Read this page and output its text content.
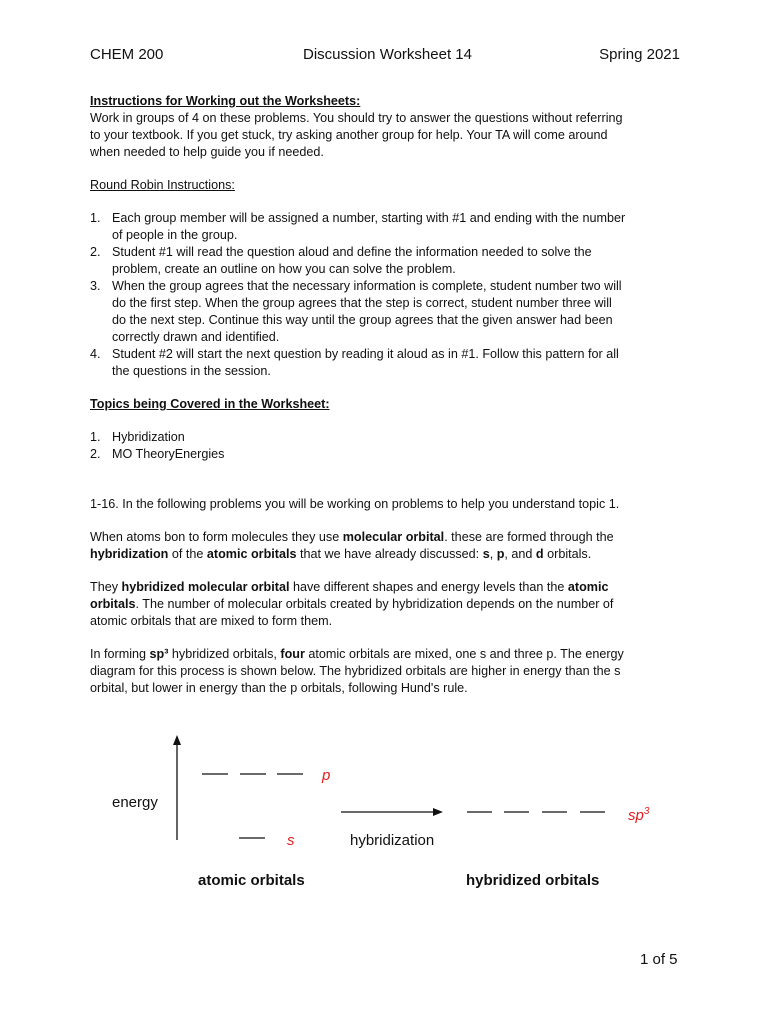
CHEM 200	Discussion Worksheet 14	Spring 2021

Instructions for Working out the Worksheets:

Work in groups of 4 on these problems. You should try to answer the questions without referring

to your textbook. If you get stuck, try asking another group for help. Your TA will come around

when needed to help guide you if needed.

Round Robin Instructions:

1. Each group member will be assigned a number, starting with #1 and ending with the number
of people in the group.
2. Student #1 will read the question aloud and define the information needed to solve the
problem, create an outline on how you can solve the problem.
3. When the group agrees that the necessary information is complete, student number two will
do the first step. When the group agrees that the step is correct, student number three will
do the next step. Continue this way until the group agrees that the given answer had been
correctly drawn and identified.
4. Student #2 will start the next question by reading it aloud as in #1. Follow this pattern for all
the questions in the session.

Topics being Covered in the Worksheet:

1. Hybridization
2. MO TheoryEnergies

1-16. In the following problems you will be working on problems to help you understand topic 1.

When atoms bon to form molecules they use molecular orbital. these are formed through the

hybridization of the atomic orbitals that we have already discussed: s, p, and d orbitals.

They hybridized molecular orbital have different shapes and energy levels than the atomic

orbitals. The number of molecular orbitals created by hybridization depends on the number of

atomic orbitals that are mixed to form them.

In forming sp³ hybridized orbitals, four atomic orbitals are mixed, one s and three p. The energy

diagram for this process is shown below. The hybridized orbitals are higher in energy than the s

orbital, but lower in energy than the p orbitals, following Hund's rule.

energy
p
s
$sp^3$
hybridization
atomic orbitals	hybridized orbitals
1 of 5
